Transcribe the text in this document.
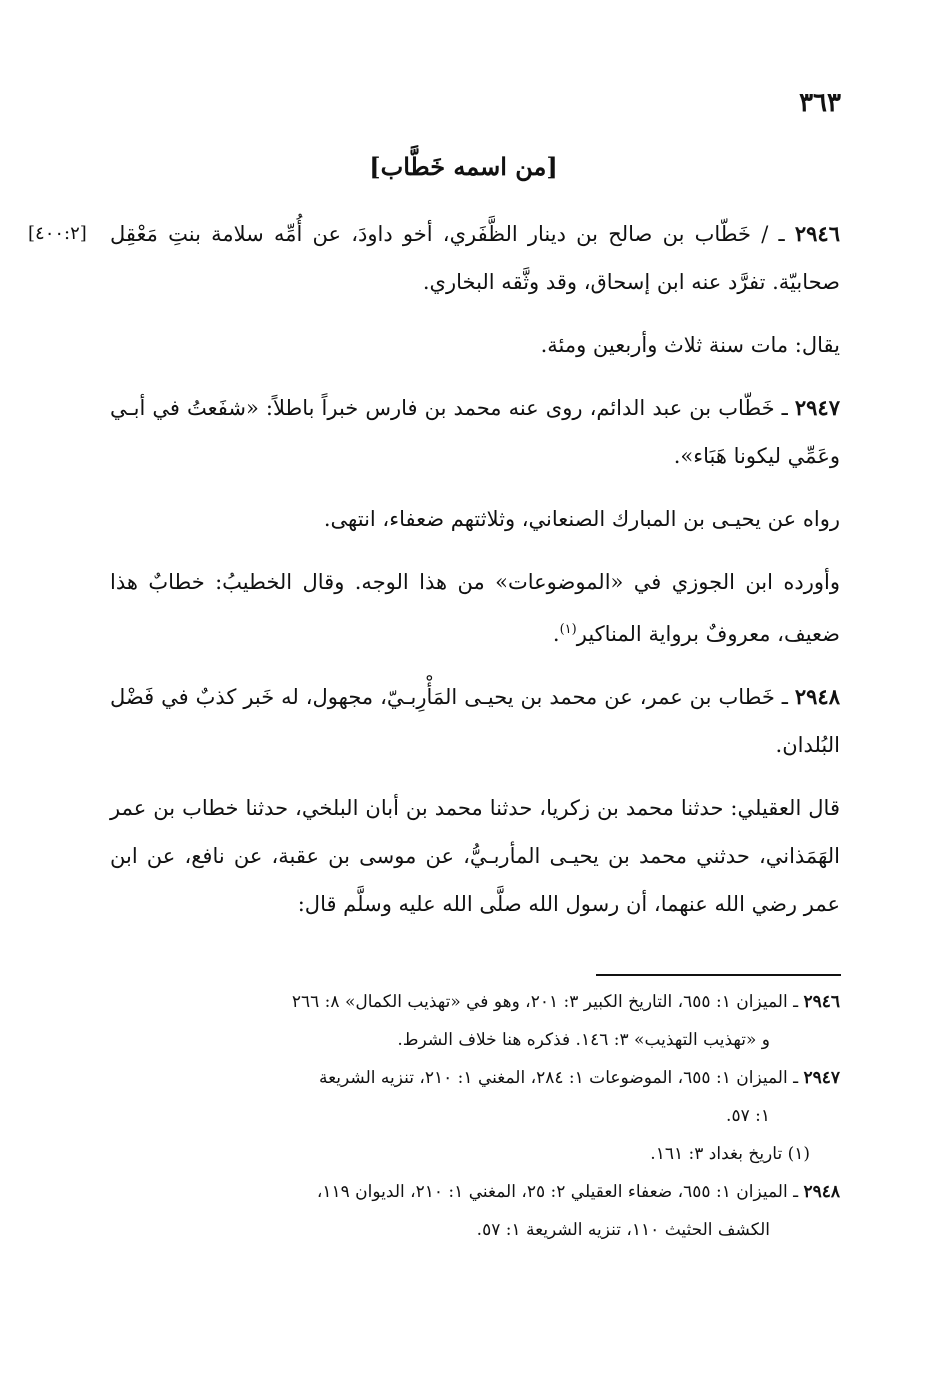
٣٦٣
[من اسمه خَطَّاب]

[٤٠٠:٢]	٢٩٤٦ ـ / خَطّاب بن صالح بن دينار الظَّفَري، أخو داودَ، عن أُمِّه سلامة بنتِ مَعْقِل صحابيّة. تفرَّد عنه ابن إسحاق، وقد وثَّقه البخاري.

يقال: مات سنة ثلاث وأربعين ومئة.

٢٩٤٧ ـ خَطّاب بن عبد الدائم، روى عنه محمد بن فارس خبراً باطلاً: «شفَعتُ في أبـي وعَمِّي ليكونا هَبَاء».

رواه عن يحيـى بن المبارك الصنعاني، وثلاثتهم ضعفاء، انتهى.

وأورده ابن الجوزي في «الموضوعات» من هذا الوجه. وقال الخطيبُ: خطابٌ هذا ضعيف، معروفٌ برواية المناكير$^{(١)}$.

٢٩٤٨ ـ خَطاب بن عمر، عن محمد بن يحيـى المَأْرِبـيّ، مجهول، له خَبر كذبٌ في فَضْل البُلدان.

قال العقيلي: حدثنا محمد بن زكريا، حدثنا محمد بن أبان البلخي، حدثنا خطاب بن عمر الهَمَذاني، حدثني محمد بن يحيـى المأربـيُّ، عن موسى بن عقبة، عن نافع، عن ابن عمر رضي الله عنهما، أن رسول الله صلَّى الله عليه وسلَّم قال:

٢٩٤٦ ـ الميزان ١: ٦٥٥، التاريخ الكبير ٣: ٢٠١، وهو في «تهذيب الكمال» ٨: ٢٦٦

و «تهذيب التهذيب» ٣: ١٤٦. فذكره هنا خلاف الشرط.

٢٩٤٧ ـ الميزان ١: ٦٥٥، الموضوعات ١: ٢٨٤، المغني ١: ٢١٠، تنزيه الشريعة

١: ٥٧.

(١) تاريخ بغداد ٣: ١٦١.

٢٩٤٨ ـ الميزان ١: ٦٥٥، ضعفاء العقيلي ٢: ٢٥، المغني ١: ٢١٠، الديوان ١١٩،

الكشف الحثيث ١١٠، تنزيه الشريعة ١: ٥٧.
